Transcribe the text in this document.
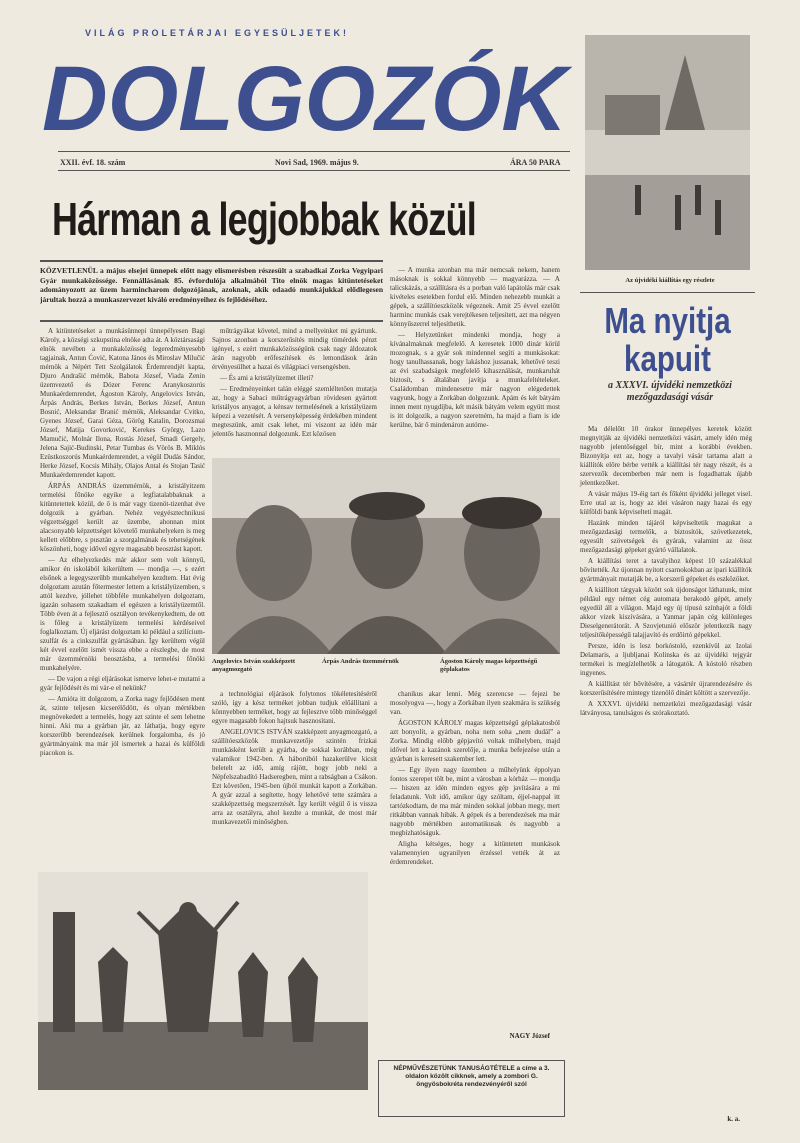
VILÁG PROLETÁRJAI EGYESÜLJETEK!
DOLGOZÓK
XXII. évf. 18. szám	Novi Sad, 1969. május 9.	ÁRA 50 PARA
Hárman a legjobbak közül
KÖZVETLENÜL a május elsejei ünnepek előtt nagy elismerésben részesült a szabadkai Zorka Vegyipari Gyár munkaközössége. Fennállásának 85. évfordulója alkalmából Tito elnök magas kitüntetéseket adományozott az üzem harmincharom dolgozójának, azoknak, akik odaadó munkájukkal elődlegesen járultak hozzá a munkaszervezet kiváló eredményeihez és fejlődéséhez.

A kitüntetéseket a munkásünnepi ünnepélyesen Bagi Károly, a községi szkupstina elnöke adta át. A köztársasági elnök nevében a munkaközösség legeredményesebb tagjainak, Antun Ćović, Katona János és Miroslav Milučić mérnök a Népért Tett Szolgálatok Érdemrendjét kapta, Djuro Andrašić mérnök, Babota József, Viada Zenin üzemvezető és Dózer Ferenc Aranykoszorús Munkaérdemrendet, Ágoston Károly, Angelovics István, Árpás András, Berkes István, Berkes József, Antun Bosnić, Aleksandar Branić mérnök, Aleksandar Cvitko, Gyenes József, Garai Géza, Görög Katalin, Dorozsmai József, Matija Govorković, Kerekes György, Lazo Mamučić, Molnár Ilona, Rostás József, Smadi Gergely, Jelena Sajić-Budinski, Petar Tumbas és Vörös B. Miklós Ezüstkoszorús Munkaérdemrendet, a végül Dudás Sándor, Herke József, Kocsis Mihály, Olajos Antal és Stojan Tasić Munkaérdemrendet kapott.

ÁRPÁS ANDRÁS üzemmérnök, a kristályitzem termelési főnöke egyike a legfiatalabbaknak a kitüntetettek közül, de ő is már vagy tizenöt-tizenhat éve dolgozik a gyárban. Nehéz vegyésztechnikusi végzettséggel került az üzembe, ahonnan mint alacsonyabb képzettséget követelő munkahelyeken is meg kellett előbbre, s pusztán a szorgalmának és tehetségének köszönheti, hogy idővel egyre magasabb beosztást kapott.

— Az elhelyezkedés már akkor sem volt könnyű, amikor én iskolából kikerültem — mondja —, s ezért elsőnek a legegyszerűbb munkahelyen kezdtem. Hat évig dolgoztam azután főtermester lettem a kristályüzemben, s attól kezdve, jóllehet többféle munkahelyen dolgoztam, igazán sohasem szakadtam el egészen a kristályüzemtől. Több éven át a fejlesztő osztályon tevékenykedtem, de ott is főleg a kristályüzem termelési kérdéseivel foglalkoztam. Új eljárást dolgoztam ki például a szilícium-szulfát és a cinkszulfát gyártásában. Így kerültem végül két évvel ezelőtt ismét vissza ebbe a részlegbe, de most már üzemmérnöki beosztásba, a termelési főnöki munkahelyére.

— De vajon a régi eljárásokat ismerve lehet-e mutatni a gyár fejlődését és mi vár-e el nekünk?

— Amióta itt dolgozom, a Zorka nagy fejlődésen ment át, szinte teljesen kicserélődött, és olyan mértékben megnövekedett a termelés, hogy azt szinte el sem lehetne hinni. Aki ma a gyárban jár, az láthatja, hogy egyre korszerűbb berendezések kerülnek forgalomba, és jó gyártmányaink ma már jól ismertek a hazai és külföldi piacokon is.

műtrágyákat követel, mind a mellyeinket mi gyártunk. Sajnos azonban a korszerűsítés mindig tömérdek pénzt igényel, s ezért munkaközösségünk csak nagy áldozatok árán nagyobb erőfeszítések és lemondások árán érvényesülhet a hazai és világpiaci versengésben.

— És ami a kristályüzemet illeti?

— Eredményeinket talán eléggé szemléltetően mutatja az, hogy a Sabaci műtrágyagyárban rövidesen gyártott kristályos anyagot, a kénsav termelésének a kristályüzem képezi a vezetését. A versenyképesség érdekében mindent megteszünk, amit csak lehet, mi viszont az idén már jelentős hasznonnal dolgozunk. Ezt közösen

— A munka azonban ma már nemcsak nekem, hanem másoknak is sokkal könnyebb — magyarázza. — A talicskázás, a szállításra és a porban való lapátolás már csak kivételes esetekben fordul elő. Minden nehezebb munkát a gépek, a szállítóeszközök végeznek. Amit 25 évvel ezelőtt harminc munkás csak verejtékesen teljesített, azt ma négyen könnyűszerrel teljesíthetik.

— Helyzetünket mindenki mondja, hogy a kívánalmaknak megfelelő. A keresetek 1000 dinár körül mozognak, s a gyár sok mindennel segíti a munkásokat: hogy tanulhassanak, hogy lakáshoz jussanak, lehetővé teszi az évi szabadságok megfelelő kihasználását, munkaruhát biztosít, s általában javítja a munkafeltételeket. Családomban mindenesetre már nagyon elégedettek vagyunk, hogy a Zorkában dolgozunk. Apám és két bátyám innen ment nyugdíjba, két másik bátyám velem együtt most is itt dolgozik, a nagyon szeretném, ha majd a fiam is ide kerülne, bár ő mindenáron autóme-

Angelovics István szakképzett anyagmozgató
Árpás András üzemmérnök	Ágoston Károly magas képzettségű géplakatos

a technológiai eljárások folytonos tökéletesítéséről szóló, így a kész terméket jobban tudjuk előállítani a könnyebben terméket, hogy az fejlesztve több minőséggel egyre magasabb fokon hajtsuk hasznosítani.

ANGELOVICS ISTVÁN szakképzett anyagmozgató, a szállítóeszközök munkavezetője szintén frizkai munkásként került a gyárba, de sokkal korábban, még valamikor 1942-ben. A háborúból hazakerülve kicsit beletelt az idő, amíg rájött, hogy jobb neki a Népfelszabadító Hadseregben, mint a rabságban a Csákon. Ezt követően, 1945-ben újból munkát kapott a Zorkában. A gyár azzal a segítette, hogy lehetővé tette számára a szakképzettség megszerzését. Így került végül ő is vissza arra az osztályra, ahol kezdte a munkát, de most már munkavezetői minőségben.

chanikus akar lenni. Még szerencse — fejezi be mosolyogva —, hogy a Zorkában ilyen szakmára is szükség van.

ÁGOSTON KÁROLY magas képzettségű géplakatosból azt bonyolít, a gyárban, noha nem soha „nem dudál” a Zorka. Mindig előbb gépjavító voltak műhelyben, majd idővel lett a kazánok szerelője, a munka befejezése után a gyárban is keresett szakember lett.

— Egy ilyen nagy üzemben a műhelyünk éppolyan fontos szerepet tölt be, mint a városban a kórház — mondja — hiszen az idén minden egyes gép javítására a mi feladatunk. Volt idő, amikor úgy szóltam, éjjel-nappal itt tartózkodtam, de ma már minden sokkal jobban megy, mert ritkábban vannak hibák. A gépek és a berendezések ma már nagyobb mértékben automatikusak és nagyobb a megbízhatóságuk.

Aligha kétséges, hogy a kitüntetett munkások valamennyien ugyanilyen érzéssel vették át az érdemrendeket.

NAGY József
NÉPMŰVÉSZETÜNK TANUSÁGTÉTELE a címe a 3. oldalon közölt cikknek, amely a zombori G. öngyösbokréta rendezvényéről szól
Az újvidéki kiállítás egy részlete
Ma nyitja
kapuit
a XXXVI. újvidéki nemzetközi mezőgazdasági vásár

Ma délelőtt 10 órakor ünnepélyes keretek között megnyitják az újvidéki nemzetközi vásárt, amely idén még nagyobb jelentőséggel bír, mint a korábbi években. Bizonyítja ezt az, hogy a tavalyi vásár tartama alatt a kiállítók előre bérbe vették a kiállítási tér nagy részét, és a szervezők decemberben már nem is fogadhattak újabb jelentkezőket.

A vásár május 19-éig tart és főként újvidéki jelleget visel. Erre utal az is, hogy az idei vásáron nagy hazai és egy külföldi bank képviselteti magát.

Hazánk minden tájáról képviseltetik magukat a mezőgazdasági termelők, a biztosítók, szövetkezetek, egyesült szövetségek és gyárak, valamint az össz mezőgazdasági gépeket gyártó vállalatok.

A kiállítási teret a tavalyihoz képest 10 százalékkal bővítették. Az újonnan nyitott csarnokokban az ipari kiállítók gyártmányait mutatják be, a korszerű gépeket és eszközöket.

A kiállított tárgyak között sok újdonságot láthatunk, mint például egy német cég automata berakodó gépét, amely egyedül áll a világon. Majd egy új típusú színhajót a földi akkor vizek kiszívására, a Yanmar japán cég különleges Dieselgenerátorát. A Szovjetunió először jelentkezik nagy teljesítőképességű talajjavító és erdőirtó gépekkel.

Persze, idén is lesz borkóstoló, ezenkívül az Izolai Delamaris, a ljubljanai Kolinska és az újvidéki tejgyár termékei is megízlelhetők a látogatók. A kóstoló részben ingyenes.

A kiállítást tér bővítésére, a vásártér újrarendezésére és korszerűsítésére mintegy tizenölő dinárt költött a szervezője.

A XXXVI. újvidéki nemzetközi mezőgazdasági vásár látványosa, tanulságos és szórakoztató.

k. a.
